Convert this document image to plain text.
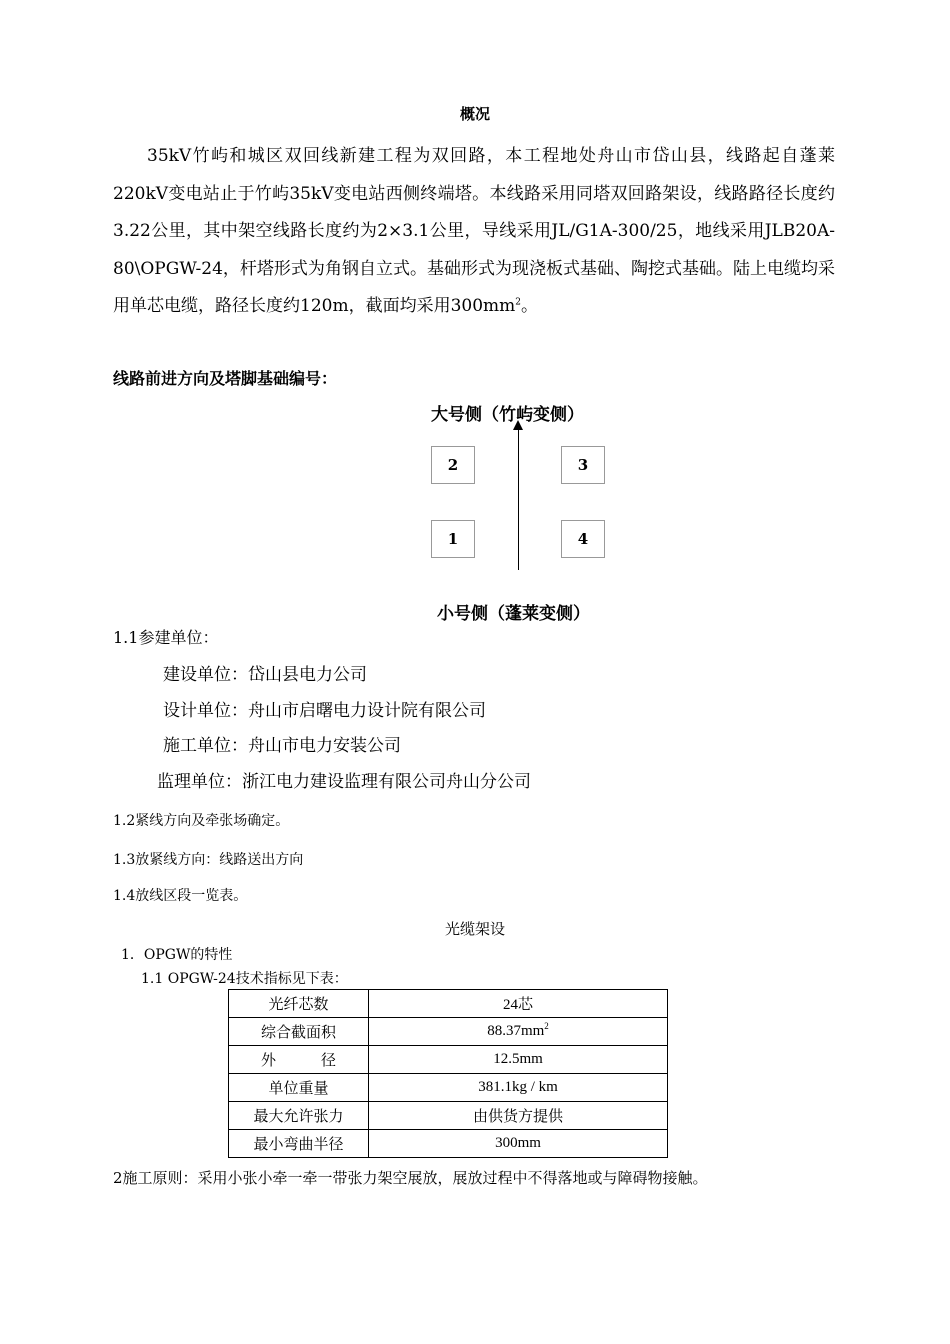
概况
35kV竹屿和城区双回线新建工程为双回路，本工程地处舟山市岱山县，线路起自蓬莱220kV变电站止于竹屿35kV变电站西侧终端塔。本线路采用同塔双回路架设，线路路径长度约3.22公里，其中架空线路长度约为2×3.1公里，导线采用JL/G1A-300/25，地线采用JLB20A-80\OPGW-24，杆塔形式为角钢自立式。基础形式为现浇板式基础、陶挖式基础。陆上电缆均采用单芯电缆，路径长度约120m，截面均采用$300mm^2$。
线路前进方向及塔脚基础编号：
大号侧（竹屿变侧）
2	3
1	4
小号侧（蓬莱变侧）
1.1参建单位：
建设单位：岱山县电力公司
设计单位：舟山市启曙电力设计院有限公司
施工单位：舟山市电力安装公司
监理单位：浙江电力建设监理有限公司舟山分公司
1.2紧线方向及牵张场确定。
1.3放紧线方向：线路送出方向
1.4放线区段一览表。
光缆架设
1．OPGW的特性
1.1 OPGW-24技术指标见下表：
光纤芯数	24芯
综合截面积	$88.37mm^2$
外　　　径	12.5mm
单位重量	381.1kg / km
最大允许张力	由供货方提供
最小弯曲半径	300mm
2施工原则：采用小张小牵一牵一带张力架空展放，展放过程中不得落地或与障碍物接触。
